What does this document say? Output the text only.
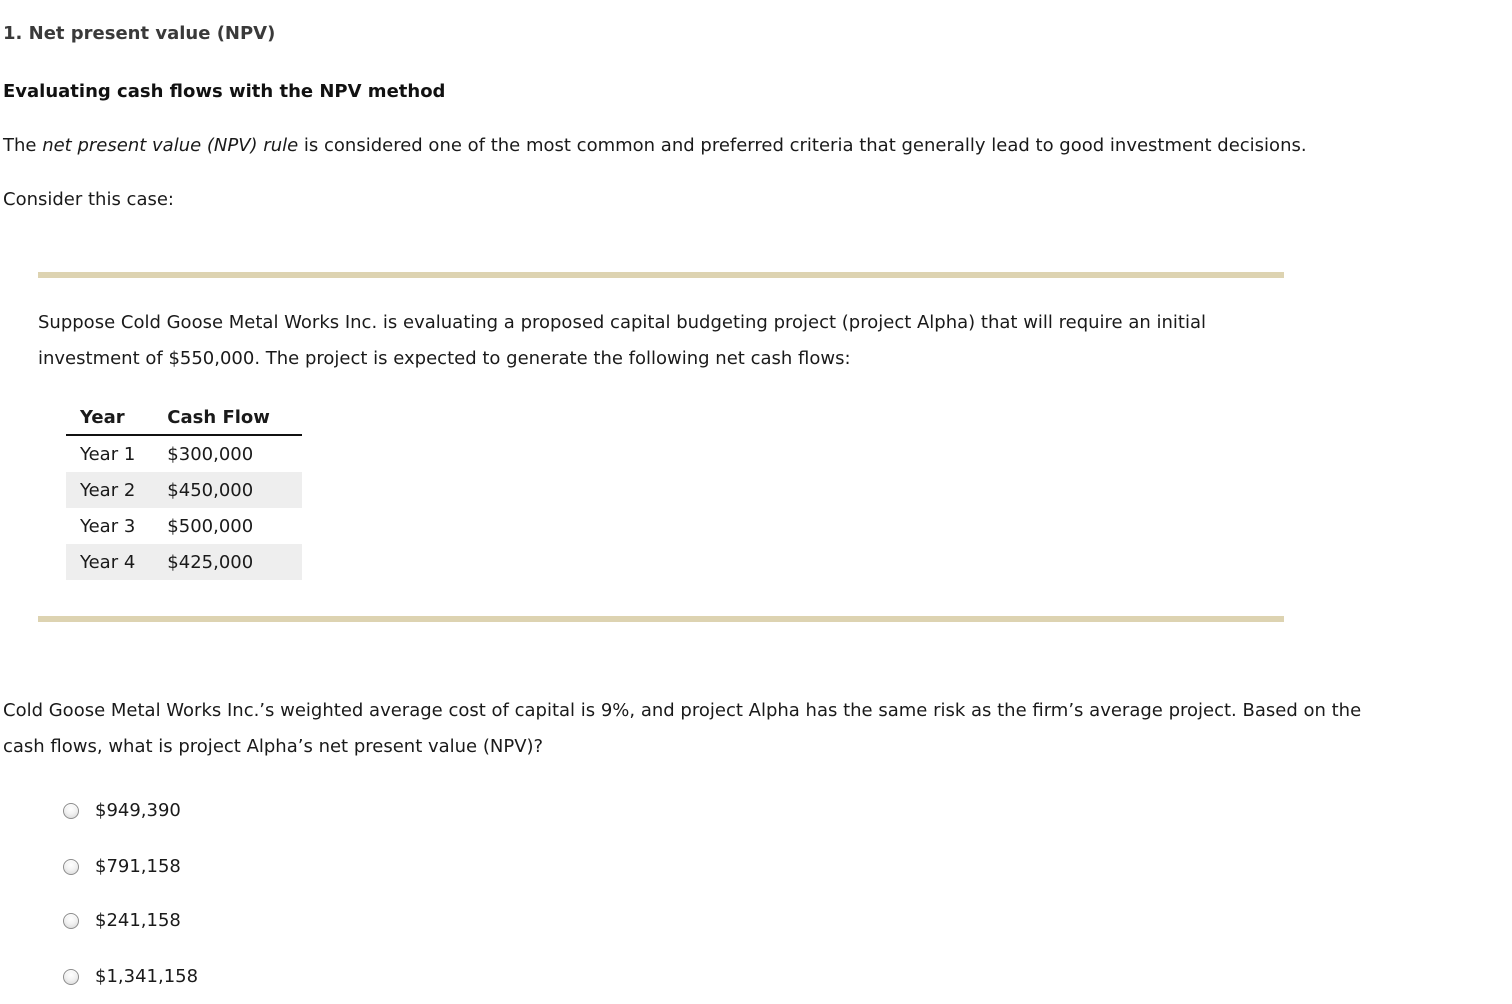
1. Net present value (NPV)
Evaluating cash flows with the NPV method
The net present value (NPV) rule is considered one of the most common and preferred criteria that generally lead to good investment decisions.
Consider this case:
Suppose Cold Goose Metal Works Inc. is evaluating a proposed capital budgeting project (project Alpha) that will require an initial investment of $550,000. The project is expected to generate the following net cash flows:
Year	Cash Flow
Year 1	$300,000
Year 2	$450,000
Year 3	$500,000
Year 4	$425,000
Cold Goose Metal Works Inc.’s weighted average cost of capital is 9%, and project Alpha has the same risk as the firm’s average project. Based on the cash flows, what is project Alpha’s net present value (NPV)?
$949,390
$791,158
$241,158
$1,341,158
